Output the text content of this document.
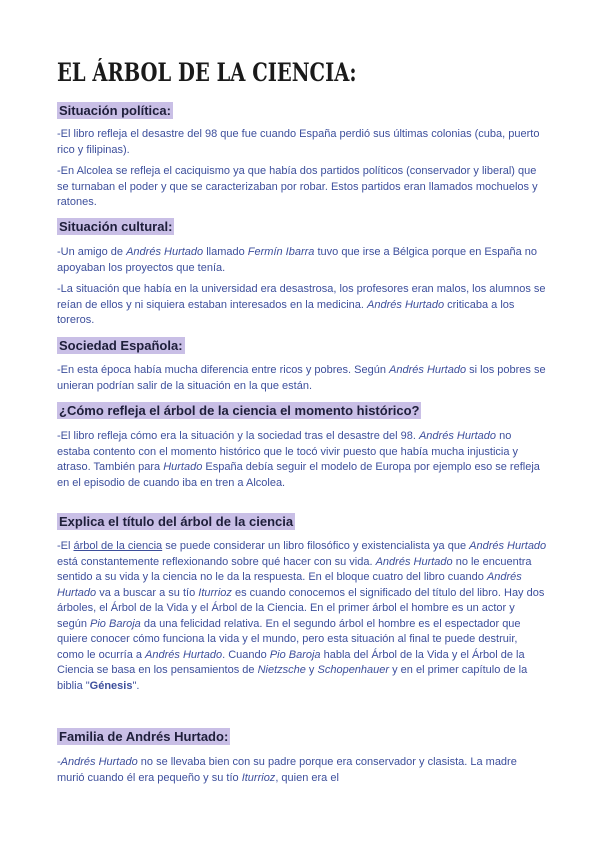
EL ÁRBOL DE LA CIENCIA:
Situación política:

-El libro refleja el desastre del 98 que fue cuando España perdió sus últimas colonias (cuba, puerto rico y filipinas).

-En Alcolea se refleja el caciquismo ya que había dos partidos políticos (conservador y liberal) que se turnaban el poder y que se caracterizaban por robar. Estos partidos eran llamados mochuelos y ratones.

Situación cultural:

-Un amigo de Andrés Hurtado llamado Fermín Ibarra tuvo que irse a Bélgica porque en España no apoyaban los proyectos que tenía.

-La situación que había en la universidad era desastrosa, los profesores eran malos, los alumnos se reían de ellos y ni siquiera estaban interesados en la medicina. Andrés Hurtado criticaba a los toreros.

Sociedad Española:

-En esta época había mucha diferencia entre ricos y pobres. Según Andrés Hurtado si los pobres se unieran podrían salir de la situación en la que están.

¿Cómo refleja el árbol de la ciencia el momento histórico?

-El libro refleja cómo era la situación y la sociedad tras el desastre del 98. Andrés Hurtado no estaba contento con el momento histórico que le tocó vivir puesto que había mucha injusticia y atraso. También para Hurtado España debía seguir el modelo de Europa por ejemplo eso se refleja en el episodio de cuando iba en tren a Alcolea.

Explica el título del árbol de la ciencia

-El árbol de la ciencia se puede considerar un libro filosófico y existencialista ya que Andrés Hurtado está constantemente reflexionando sobre qué hacer con su vida. Andrés Hurtado no le encuentra sentido a su vida y la ciencia no le da la respuesta. En el bloque cuatro del libro cuando Andrés Hurtado va a buscar a su tío Iturrioz es cuando conocemos el significado del título del libro. Hay dos árboles, el Árbol de la Vida y el Árbol de la Ciencia. En el primer árbol el hombre es un actor y según Pio Baroja da una felicidad relativa. En el segundo árbol el hombre es el espectador que quiere conocer cómo funciona la vida y el mundo, pero esta situación al final te puede destruir, como le ocurría a Andrés Hurtado. Cuando Pio Baroja habla del Árbol de la Vida y el Árbol de la Ciencia se basa en los pensamientos de Nietzsche y Schopenhauer y en el primer capítulo de la biblia "Génesis".

Familia de Andrés Hurtado:

-Andrés Hurtado no se llevaba bien con su padre porque era conservador y clasista. La madre murió cuando él era pequeño y su tío Iturrioz, quien era el
